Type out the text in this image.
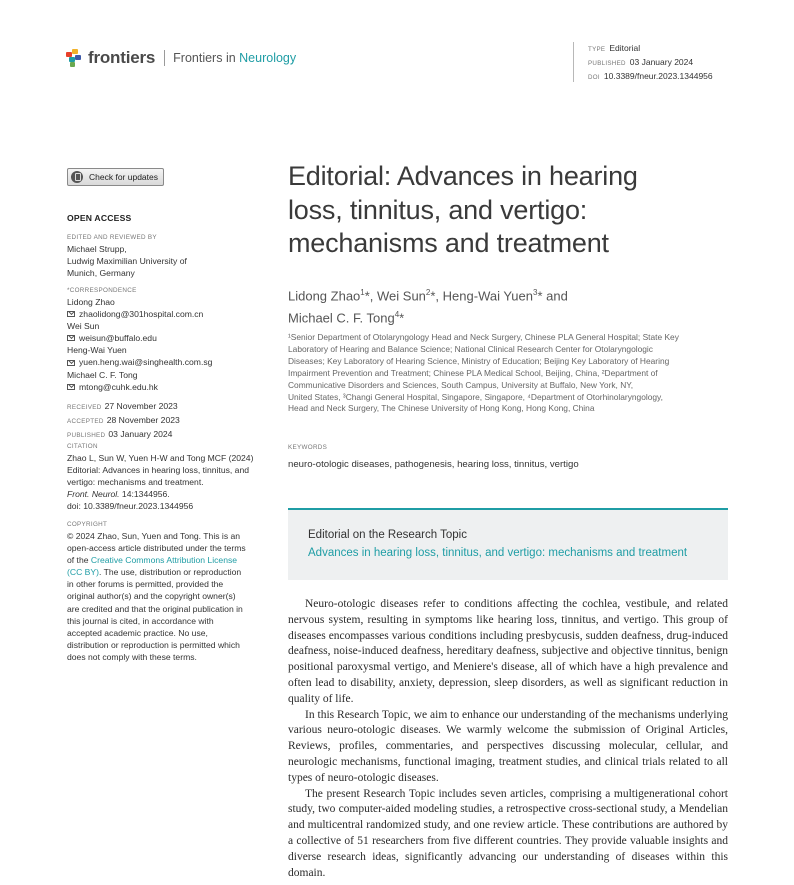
frontiers Frontiers in Neurology
TYPE Editorial
PUBLISHED 03 January 2024
DOI 10.3389/fneur.2023.1344956
Check for updates
OPEN ACCESS
EDITED AND REVIEWED BY
Michael Strupp,
Ludwig Maximilian University of
Munich, Germany
*CORRESPONDENCE
Lidong Zhao
zhaolidong@301hospital.com.cn
Wei Sun
weisun@buffalo.edu
Heng-Wai Yuen
yuen.heng.wai@singhealth.com.sg
Michael C. F. Tong
mtong@cuhk.edu.hk
RECEIVED 27 November 2023
ACCEPTED 28 November 2023
PUBLISHED 03 January 2024
CITATION
Zhao L, Sun W, Yuen H-W and Tong MCF (2024)
Editorial: Advances in hearing loss, tinnitus, and
vertigo: mechanisms and treatment.
Front. Neurol. 14:1344956.
doi: 10.3389/fneur.2023.1344956
COPYRIGHT
© 2024 Zhao, Sun, Yuen and Tong. This is an
open-access article distributed under the terms
of the Creative Commons Attribution License
(CC BY). The use, distribution or reproduction
in other forums is permitted, provided the
original author(s) and the copyright owner(s)
are credited and that the original publication in
this journal is cited, in accordance with
accepted academic practice. No use,
distribution or reproduction is permitted which
does not comply with these terms.
Editorial: Advances in hearing
loss, tinnitus, and vertigo:
mechanisms and treatment
Lidong Zhao$^1$*, Wei Sun$^2$*, Heng-Wai Yuen$^3$* and
Michael C. F. Tong$^4$*
¹Senior Department of Otolaryngology Head and Neck Surgery, Chinese PLA General Hospital; State Key
Laboratory of Hearing and Balance Science; National Clinical Research Center for Otolaryngologic
Diseases; Key Laboratory of Hearing Science, Ministry of Education; Beijing Key Laboratory of Hearing
Impairment Prevention and Treatment; Chinese PLA Medical School, Beijing, China, ²Department of
Communicative Disorders and Sciences, South Campus, University at Buffalo, New York, NY,
United States, ³Changi General Hospital, Singapore, Singapore, ⁴Department of Otorhinolaryngology,
Head and Neck Surgery, The Chinese University of Hong Kong, Hong Kong, China
KEYWORDS
neuro-otologic diseases, pathogenesis, hearing loss, tinnitus, vertigo
Editorial on the Research Topic
Advances in hearing loss, tinnitus, and vertigo: mechanisms and treatment

Neuro-otologic diseases refer to conditions affecting the cochlea, vestibule, and related nervous system, resulting in symptoms like hearing loss, tinnitus, and vertigo. This group of diseases encompasses various conditions including presbycusis, sudden deafness, drug-induced deafness, noise-induced deafness, hereditary deafness, subjective and objective tinnitus, benign positional paroxysmal vertigo, and Meniere's disease, all of which have a high prevalence and often lead to disability, anxiety, depression, sleep disorders, as well as significant reduction in quality of life.

In this Research Topic, we aim to enhance our understanding of the mechanisms underlying various neuro-otologic diseases. We warmly welcome the submission of Original Articles, Reviews, profiles, commentaries, and perspectives discussing molecular, cellular, and neurologic mechanisms, functional imaging, treatment studies, and clinical trials related to all types of neuro-otologic diseases.

The present Research Topic includes seven articles, comprising a multigenerational cohort study, two computer-aided modeling studies, a retrospective cross-sectional study, a Mendelian and multicentral randomized study, and one review article. These contributions are authored by a collective of 51 researchers from five different countries. They provide valuable insights and diverse research ideas, significantly advancing our understanding of diseases within this domain.
